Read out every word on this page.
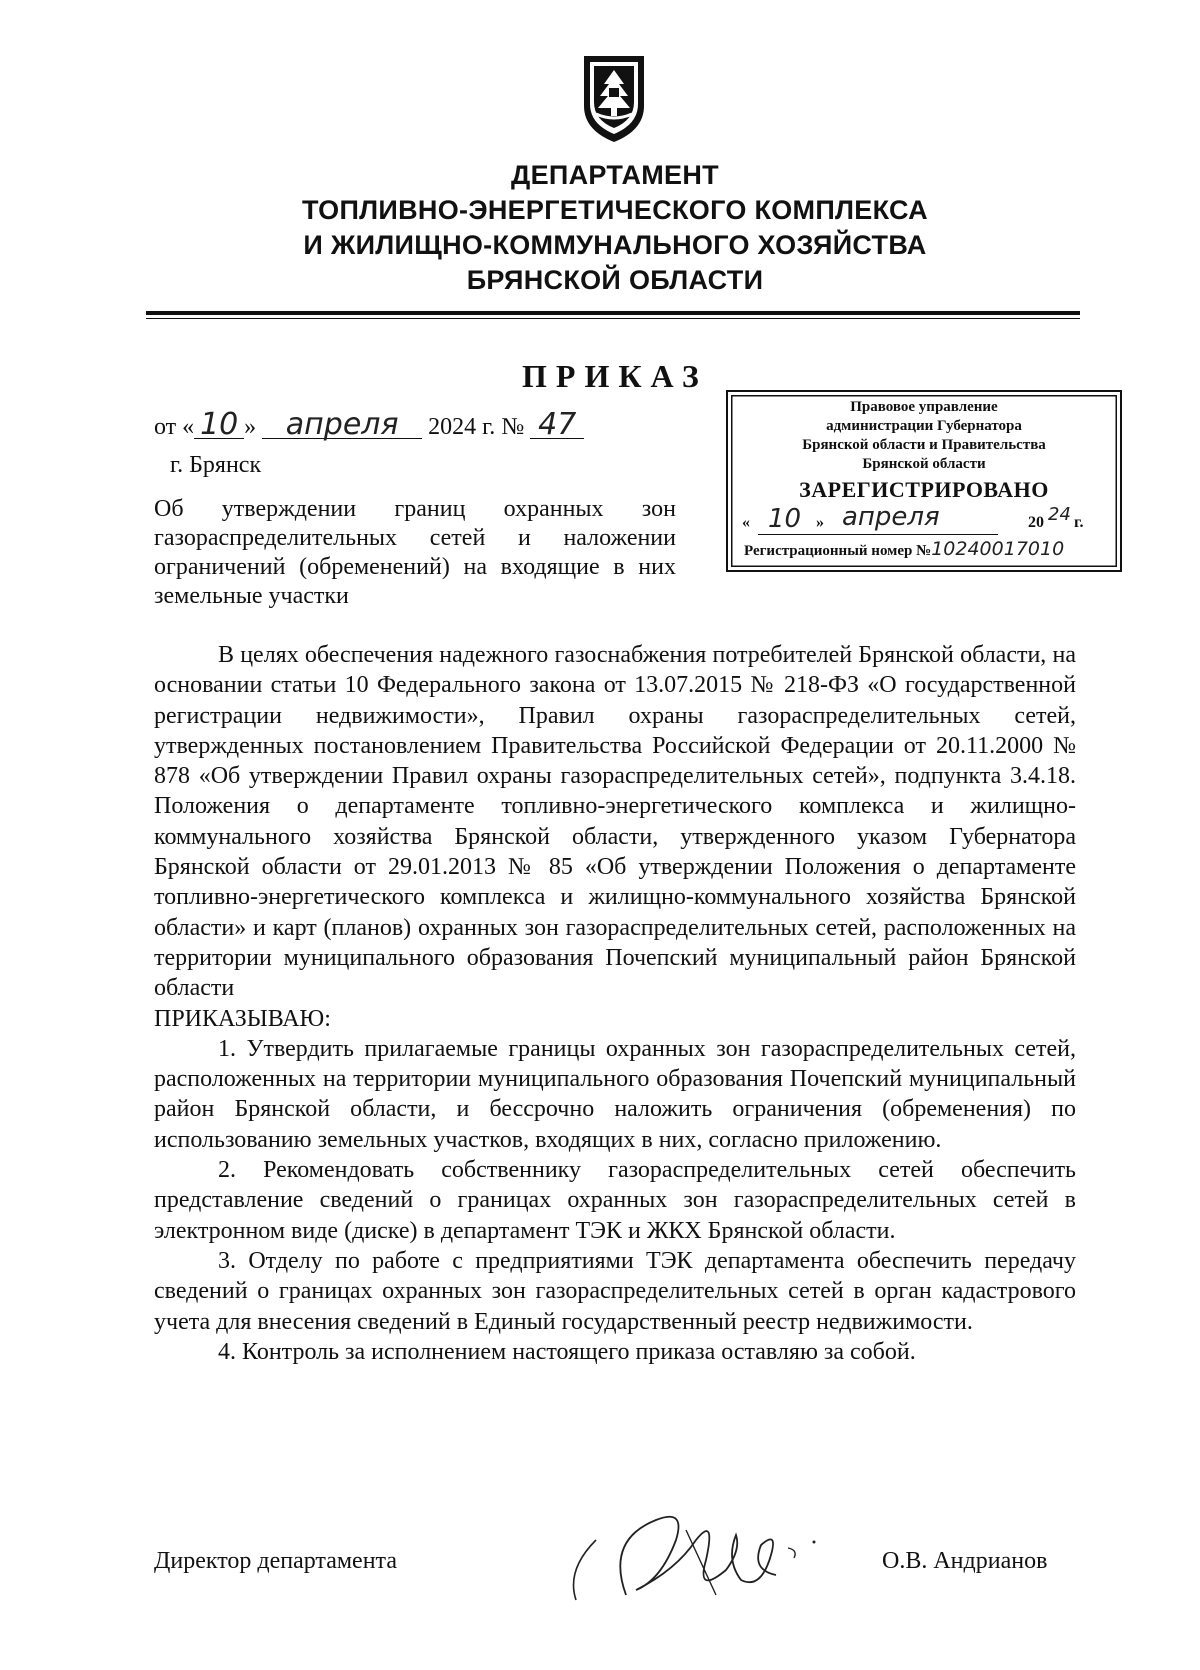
ДЕПАРТАМЕНТ
ТОПЛИВНО-ЭНЕРГЕТИЧЕСКОГО КОМПЛЕКСА
И ЖИЛИЩНО-КОММУНАЛЬНОГО ХОЗЯЙСТВА
БРЯНСКОЙ ОБЛАСТИ
ПРИКАЗ
Правовое управление
администрации Губернатора
Брянской области и Правительства
Брянской области
ЗАРЕГИСТРИРОВАНО
« 10 » апреля	20 24 г.
Регистрационный номер №10240017010
от « 10 » апреля 2024 г. № 47
г. Брянск
Об утверждении границ охранных зон газораспределительных сетей и наложении ограничений (обременений) на входящие в них земельные участки

В целях обеспечения надежного газоснабжения потребителей Брянской области, на основании статьи 10 Федерального закона от 13.07.2015 № 218-ФЗ «О государственной регистрации недвижимости», Правил охраны газораспределительных сетей, утвержденных постановлением Правительства Российской Федерации от 20.11.2000 № 878 «Об утверждении Правил охраны газораспределительных сетей», подпункта 3.4.18. Положения о департаменте топливно-энергетического комплекса и жилищно-коммунального хозяйства Брянской области, утвержденного указом Губернатора Брянской области от 29.01.2013 № 85 «Об утверждении Положения о департаменте топливно-энергетического комплекса и жилищно-коммунального хозяйства Брянской области» и карт (планов) охранных зон газораспределительных сетей, расположенных на территории муниципального образования Почепский муниципальный район Брянской области

ПРИКАЗЫВАЮ:

1. Утвердить прилагаемые границы охранных зон газораспределительных сетей, расположенных на территории муниципального образования Почепский муниципальный район Брянской области, и бессрочно наложить ограничения (обременения) по использованию земельных участков, входящих в них, согласно приложению.

2. Рекомендовать собственнику газораспределительных сетей обеспечить представление сведений о границах охранных зон газораспределительных сетей в электронном виде (диске) в департамент ТЭК и ЖКХ Брянской области.

3. Отделу по работе с предприятиями ТЭК департамента обеспечить передачу сведений о границах охранных зон газораспределительных сетей в орган кадастрового учета для внесения сведений в Единый государственный реестр недвижимости.

4. Контроль за исполнением настоящего приказа оставляю за собой.

Директор департамента	О.В. Андрианов
